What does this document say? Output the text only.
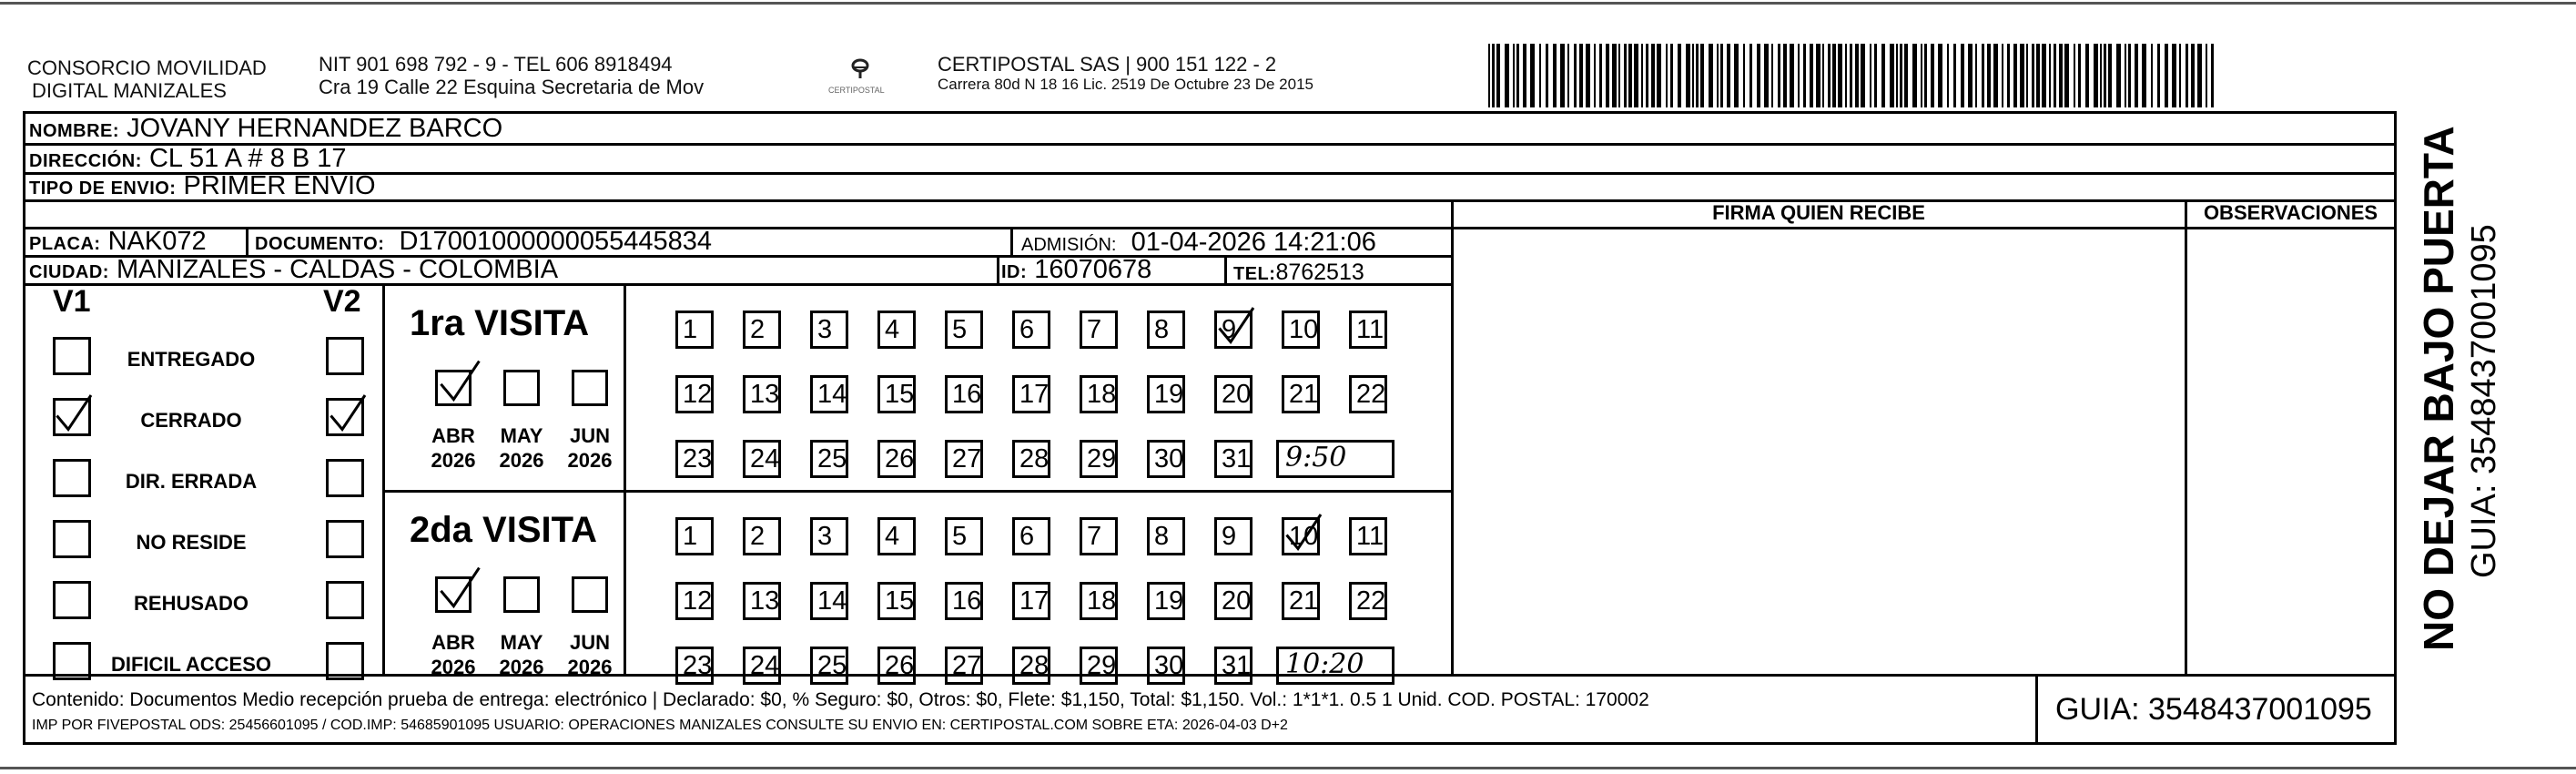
CONSORCIO MOVILIDAD
DIGITAL MANIZALES
NIT 901 698 792 - 9 - TEL 606 8918494
Cra 19 Calle 22 Esquina Secretaria de Mov	CERTIPOSTAL
CERTIPOSTAL SAS | 900 151 122 - 2
Carrera 80d N 18 16 Lic. 2519 De Octubre 23 De 2015
NOMBRE: JOVANY HERNANDEZ BARCO
DIRECCIÓN: CL 51 A # 8 B 17
TIPO DE ENVIO: PRIMER ENVIO
FIRMA QUIEN RECIBE	OBSERVACIONES
PLACA: NAK072	DOCUMENTO: D17001000000055445834	ADMISIÓN: 01-04-2026 14:21:06
CIUDAD: MANIZALES - CALDAS - COLOMBIA	ID: 16070678	TEL:8762513
V1	V2
ENTREGADO
CERRADO
DIR. ERRADA
NO RESIDE
REHUSADO
DIFICIL ACCESO
1ra VISITA
ABR
2026
MAY
2026
JUN
2026
1	2	3	4	5	6	7	8	9	10 11
12 13 14 15 16 17 18 19 20 21 22
23 24 25 26 27 28 29 30 31 9:50
2da VISITA
ABR
2026
MAY
2026
JUN
2026
1	2	3	4	5	6	7	8	9	10 11
12 13 14 15 16 17 18 19 20 21 22
23 24 25 26 27 28 29 30 31 10:20
NO DEJAR BAJO PUERTA GUIA: 3548437001095
Contenido: Documentos Medio recepción prueba de entrega: electrónico | Declarado: $0, % Seguro: $0, Otros: $0, Flete: $1,150, Total: $1,150. Vol.: 1*1*1. 0.5 1 Unid. COD. POSTAL: 170002
IMP POR FIVEPOSTAL ODS: 25456601095 / COD.IMP: 54685901095 USUARIO: OPERACIONES MANIZALES CONSULTE SU ENVIO EN: CERTIPOSTAL.COM SOBRE ETA: 2026-04-03 D+2	GUIA: 3548437001095
